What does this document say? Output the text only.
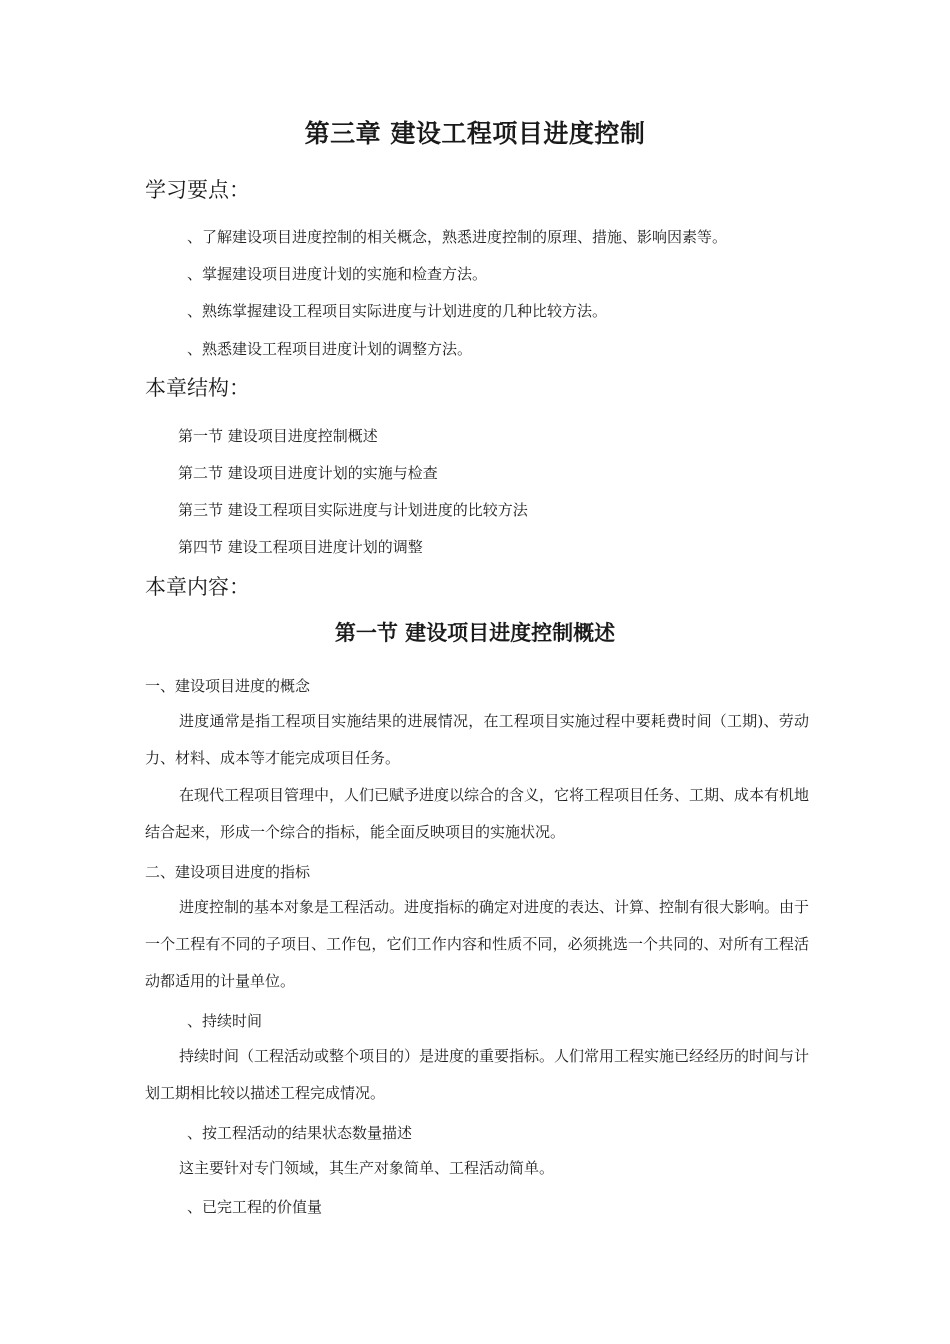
第三章 建设工程项目进度控制
学习要点：
、了解建设项目进度控制的相关概念，熟悉进度控制的原理、措施、影响因素等。
、掌握建设项目进度计划的实施和检查方法。
、熟练掌握建设工程项目实际进度与计划进度的几种比较方法。
、熟悉建设工程项目进度计划的调整方法。
本章结构：
第一节 建设项目进度控制概述
第二节 建设项目进度计划的实施与检查
第三节 建设工程项目实际进度与计划进度的比较方法
第四节 建设工程项目进度计划的调整
本章内容：
第一节 建设项目进度控制概述
一、建设项目进度的概念

进度通常是指工程项目实施结果的进展情况，在工程项目实施过程中要耗费时间（工期)、劳动力、材料、成本等才能完成项目任务。

在现代工程项目管理中，人们已赋予进度以综合的含义，它将工程项目任务、工期、成本有机地结合起来，形成一个综合的指标，能全面反映项目的实施状况。

二、建设项目进度的指标

进度控制的基本对象是工程活动。进度指标的确定对进度的表达、计算、控制有很大影响。由于一个工程有不同的子项目、工作包，它们工作内容和性质不同，必须挑选一个共同的、对所有工程活动都适用的计量单位。

、持续时间

持续时间（工程活动或整个项目的）是进度的重要指标。人们常用工程实施已经经历的时间与计划工期相比较以描述工程完成情况。

、按工程活动的结果状态数量描述

这主要针对专门领域，其生产对象简单、工程活动简单。

、已完工程的价值量
